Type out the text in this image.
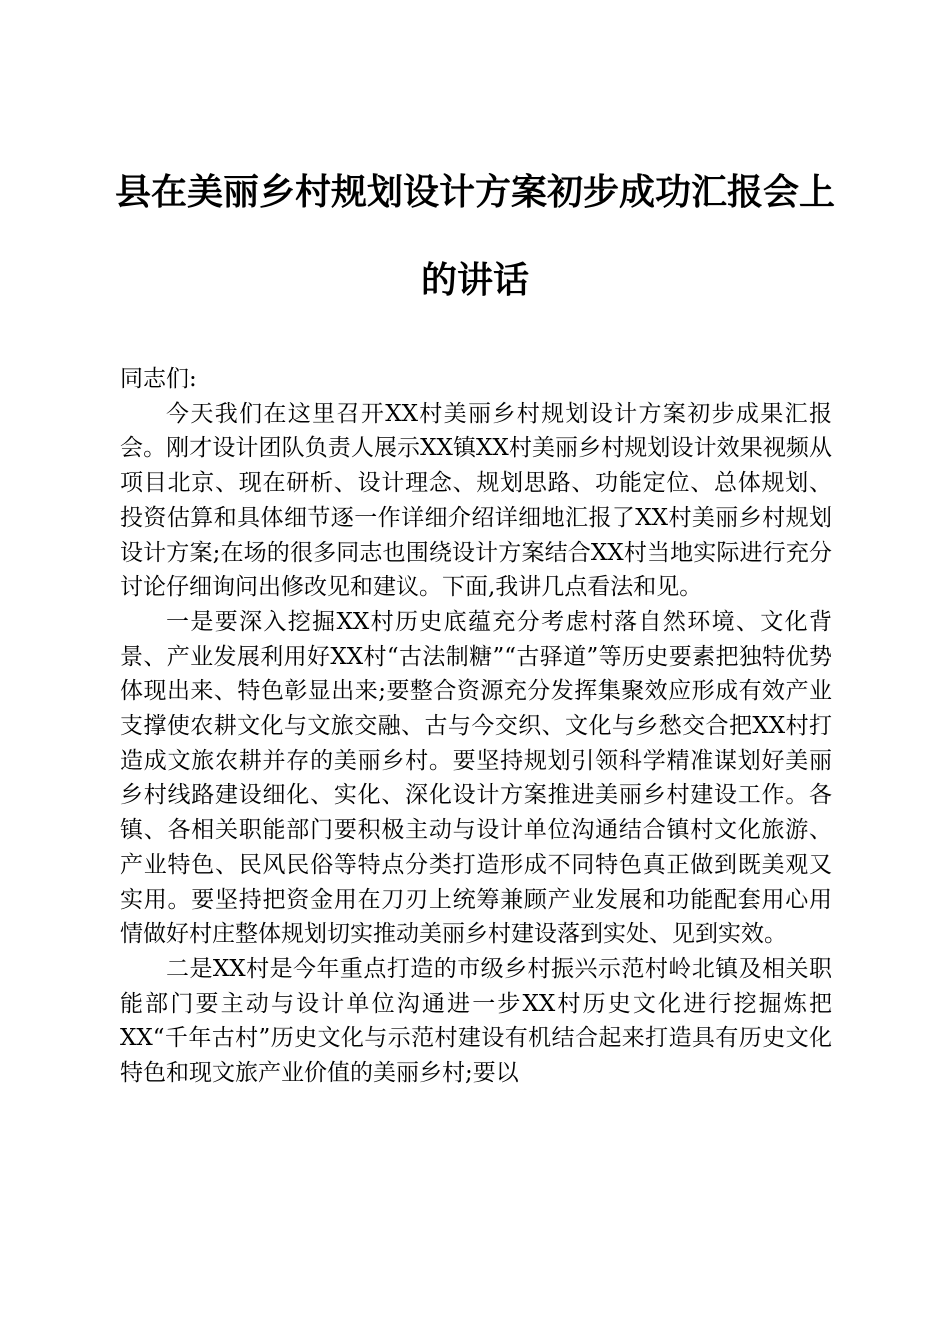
县在美丽乡村规划设计方案初步成功汇报会上的讲话

同志们:

今天我们在这里召开XX村美丽乡村规划设计方案初步成果汇报会。刚才设计团队负责人展示XX镇XX村美丽乡村规划设计效果视频从项目北京、现在研析、设计理念、规划思路、功能定位、总体规划、投资估算和具体细节逐一作详细介绍详细地汇报了XX村美丽乡村规划设计方案;在场的很多同志也围绕设计方案结合XX村当地实际进行充分讨论仔细询问出修改见和建议。下面,我讲几点看法和见。

一是要深入挖掘XX村历史底蕴充分考虑村落自然环境、文化背景、产业发展利用好XX村“古法制糖”“古驿道”等历史要素把独特优势体现出来、特色彰显出来;要整合资源充分发挥集聚效应形成有效产业支撑使农耕文化与文旅交融、古与今交织、文化与乡愁交合把XX村打造成文旅农耕并存的美丽乡村。要坚持规划引领科学精准谋划好美丽乡村线路建设细化、实化、深化设计方案推进美丽乡村建设工作。各镇、各相关职能部门要积极主动与设计单位沟通结合镇村文化旅游、产业特色、民风民俗等特点分类打造形成不同特色真正做到既美观又实用。要坚持把资金用在刀刃上统筹兼顾产业发展和功能配套用心用情做好村庄整体规划切实推动美丽乡村建设落到实处、见到实效。

二是XX村是今年重点打造的市级乡村振兴示范村岭北镇及相关职能部门要主动与设计单位沟通进一步XX村历史文化进行挖掘炼把XX“千年古村”历史文化与示范村建设有机结合起来打造具有历史文化特色和现文旅产业价值的美丽乡村;要以
